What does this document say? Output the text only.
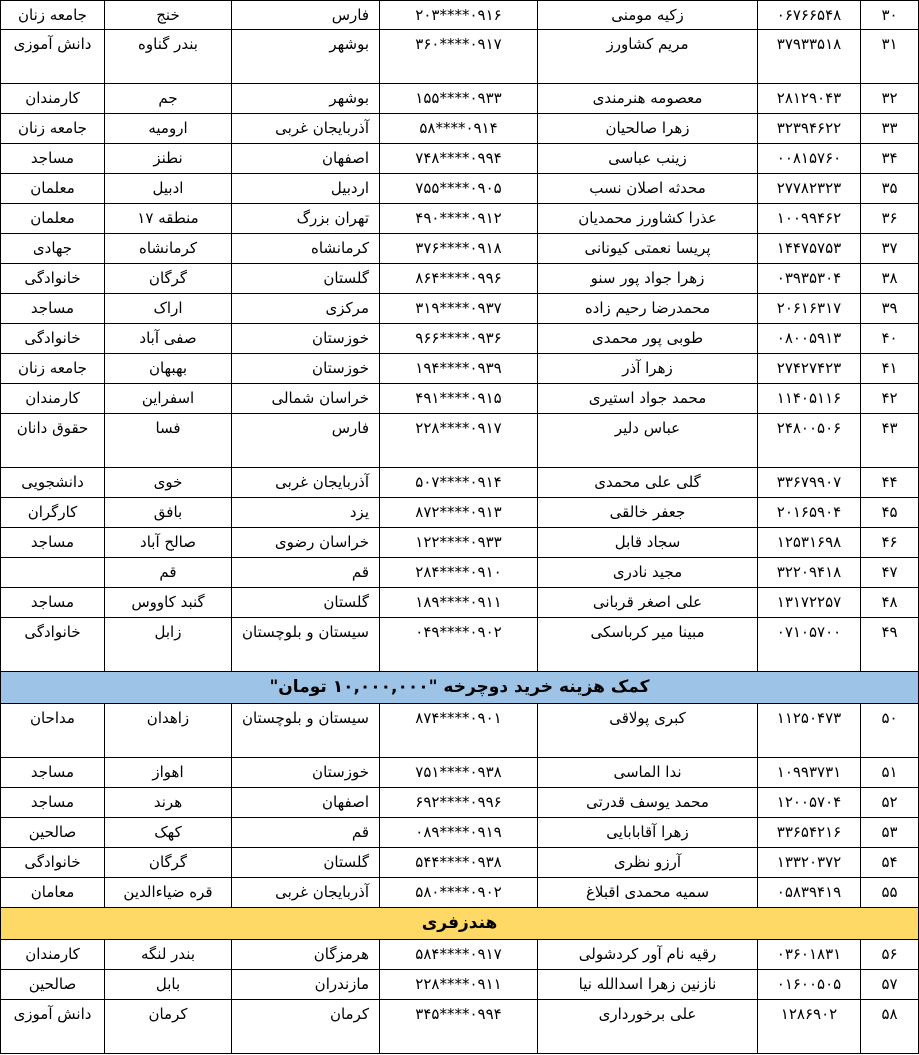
۳۰	۰۶۷۶۶۵۴۸	زکیه مومنی	۰۹۱۶****۲۰۳	فارس	خنج	جامعه زنان
۳۱	۳۷۹۳۳۵۱۸	مریم کشاورز	۰۹۱۷****۳۶۰	بوشهر	بندر گناوه	دانش آموزی
۳۲	۲۸۱۲۹۰۴۳	معصومه هنرمندی	۰۹۳۳****۱۵۵	بوشهر	جم	کارمندان
۳۳	۳۲۳۹۴۶۲۲	زهرا صالحیان	۰۹۱۴****۵۸	آذربایجان غربی	ارومیه	جامعه زنان
۳۴	۰۰۸۱۵۷۶۰	زینب عباسی	۰۹۹۴****۷۴۸	اصفهان	نطنز	مساجد
۳۵	۲۷۷۸۲۳۲۳	محدثه اصلان نسب	۰۹۰۵****۷۵۵	اردبیل	ادبیل	معلمان
۳۶	۱۰۰۹۹۴۶۲	عذرا کشاورز محمدیان	۰۹۱۲****۴۹۰	تهران بزرگ	منطقه ۱۷	معلمان
۳۷	۱۴۴۷۵۷۵۳	پریسا نعمتی کیونانی	۰۹۱۸****۳۷۶	کرمانشاه	کرمانشاه	جهادی
۳۸	۰۳۹۳۵۳۰۴	زهرا جواد پور سنو	۰۹۹۶****۸۶۴	گلستان	گرگان	خانوادگی
۳۹	۲۰۶۱۶۳۱۷	محمدرضا رحیم زاده	۰۹۳۷****۳۱۹	مرکزی	اراک	مساجد
۴۰	۰۸۰۰۵۹۱۳	طوبی پور محمدی	۰۹۳۶****۹۶۶	خوزستان	صفی آباد	خانوادگی
۴۱	۲۷۴۲۷۴۲۳	زهرا آذر	۰۹۳۹****۱۹۴	خوزستان	بهبهان	جامعه زنان
۴۲	۱۱۴۰۵۱۱۶	محمد جواد استیری	۰۹۱۵****۴۹۱	خراسان شمالی	اسفراین	کارمندان
۴۳	۲۴۸۰۰۵۰۶	عباس دلیر	۰۹۱۷****۲۲۸	فارس	فسا	حقوق دانان
۴۴	۳۳۶۷۹۹۰۷	گلی علی محمدی	۰۹۱۴****۵۰۷	آذربایجان غربی	خوی	دانشجویی
۴۵	۲۰۱۶۵۹۰۴	جعفر خالقی	۰۹۱۳****۸۷۲	یزد	بافق	کارگران
۴۶	۱۲۵۳۱۶۹۸	سجاد قابل	۰۹۳۳****۱۲۲	خراسان رضوی	صالح آباد	مساجد
۴۷	۳۲۲۰۹۴۱۸	مجید نادری	۰۹۱۰****۲۸۴	قم	قم	
۴۸	۱۳۱۷۲۲۵۷	علی اصغر قربانی	۰۹۱۱****۱۸۹	گلستان	گنبد کاووس	مساجد
۴۹	۰۷۱۰۵۷۰۰	مبینا میر کرباسکی	۰۹۰۲****۰۴۹	سیستان و بلوچستان	زابل	خانوادگی
کمک هزینه خرید دوچرخه "۱۰,۰۰۰,۰۰۰ تومان"						
۵۰	۱۱۲۵۰۴۷۳	کبری پولاقی	۰۹۰۱****۸۷۴	سیستان و بلوچستان	زاهدان	مداحان
۵۱	۱۰۹۹۳۷۳۱	ندا الماسی	۰۹۳۸****۷۵۱	خوزستان	اهواز	مساجد
۵۲	۱۲۰۰۵۷۰۴	محمد یوسف قدرتی	۰۹۹۶****۶۹۲	اصفهان	هرند	مساجد
۵۳	۳۳۶۵۴۲۱۶	زهرا آقابابایی	۰۹۱۹****۰۸۹	قم	کهک	صالحین
۵۴	۱۳۳۲۰۳۷۲	آرزو نظری	۰۹۳۸****۵۴۴	گلستان	گرگان	خانوادگی
۵۵	۰۵۸۳۹۴۱۹	سمیه محمدی اقبلاغ	۰۹۰۲****۵۸۰	آذربایجان غربی	قره ضیاءالدین	معامان
هندزفری						
۵۶	۰۳۶۰۱۸۳۱	رقیه نام آور کردشولی	۰۹۱۷****۵۸۴	هرمزگان	بندر لنگه	کارمندان
۵۷	۰۱۶۰۰۵۰۵	نازنین زهرا اسدالله نیا	۰۹۱۱****۲۲۸	مازندران	بابل	صالحین
۵۸	۱۲۸۶۹۰۲	علی برخورداری	۰۹۹۴****۳۴۵	کرمان	کرمان	دانش آموزی
